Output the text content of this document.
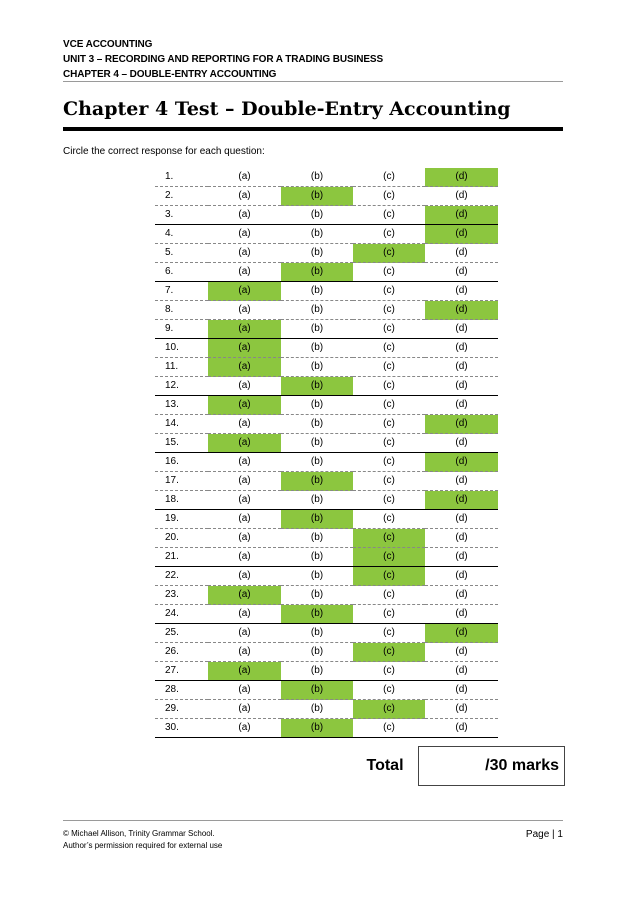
VCE ACCOUNTING
UNIT 3 – RECORDING AND REPORTING FOR A TRADING BUSINESS
CHAPTER 4 – DOUBLE-ENTRY ACCOUNTING
Chapter 4 Test – Double-Entry Accounting
Circle the correct response for each question:
1.	(a)	(b)	(c)	(d)
2.	(a)	(b)	(c)	(d)
3.	(a)	(b)	(c)	(d)
4.	(a)	(b)	(c)	(d)
5.	(a)	(b)	(c)	(d)
6.	(a)	(b)	(c)	(d)
7.	(a)	(b)	(c)	(d)
8.	(a)	(b)	(c)	(d)
9.	(a)	(b)	(c)	(d)
10.	(a)	(b)	(c)	(d)
11.	(a)	(b)	(c)	(d)
12.	(a)	(b)	(c)	(d)
13.	(a)	(b)	(c)	(d)
14.	(a)	(b)	(c)	(d)
15.	(a)	(b)	(c)	(d)
16.	(a)	(b)	(c)	(d)
17.	(a)	(b)	(c)	(d)
18.	(a)	(b)	(c)	(d)
19.	(a)	(b)	(c)	(d)
20.	(a)	(b)	(c)	(d)
21.	(a)	(b)	(c)	(d)
22.	(a)	(b)	(c)	(d)
23.	(a)	(b)	(c)	(d)
24.	(a)	(b)	(c)	(d)
25.	(a)	(b)	(c)	(d)
26.	(a)	(b)	(c)	(d)
27.	(a)	(b)	(c)	(d)
28.	(a)	(b)	(c)	(d)
29.	(a)	(b)	(c)	(d)
30.	(a)	(b)	(c)	(d)
Total	/30 marks
© Michael Allison, Trinity Grammar School.
Author’s permission required for external use
Page | 1
